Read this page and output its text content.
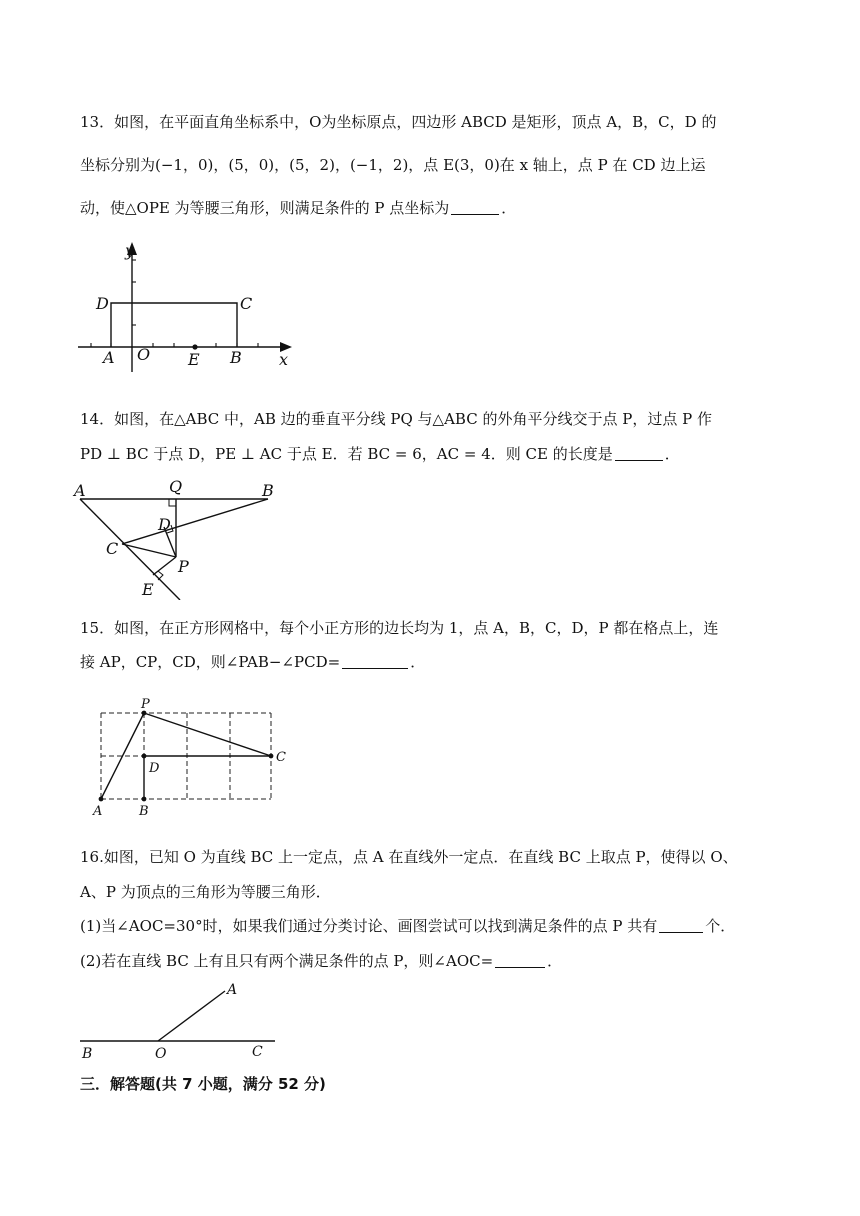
13．如图，在平面直角坐标系中，O为坐标原点，四边形 ABCD 是矩形，顶点 A，B，C，D 的
坐标分别为(−1，0)，(5，0)，(5，2)，(−1，2)，点 E(3，0)在 x 轴上，点 P 在 CD 边上运
动，使△OPE 为等腰三角形，则满足条件的 P 点坐标为	．
y
x
D	C
A O E B
14．如图，在△ABC 中，AB 边的垂直平分线 PQ 与△ABC 的外角平分线交于点 P，过点 P 作
PD ⊥ BC 于点 D，PE ⊥ AC 于点 E．若 BC = 6，AC = 4．则 CE 的长度是	．
A	Q	B
D
C
P
E
15．如图，在正方形网格中，每个小正方形的边长均为 1，点 A，B，C，D，P 都在格点上，连
接 AP，CP，CD，则∠PAB−∠PCD=	．
P
C
D
A	B
16.如图，已知 O 为直线 BC 上一定点，点 A 在直线外一定点．在直线 BC 上取点 P，使得以 O、
A、P 为顶点的三角形为等腰三角形．
(1)当∠AOC=30°时，如果我们通过分类讨论、画图尝试可以找到满足条件的点 P 共有	个．
(2)若在直线 BC 上有且只有两个满足条件的点 P，则∠AOC=	．
A
B	O	C
三．解答题(共 7 小题，满分 52 分)
